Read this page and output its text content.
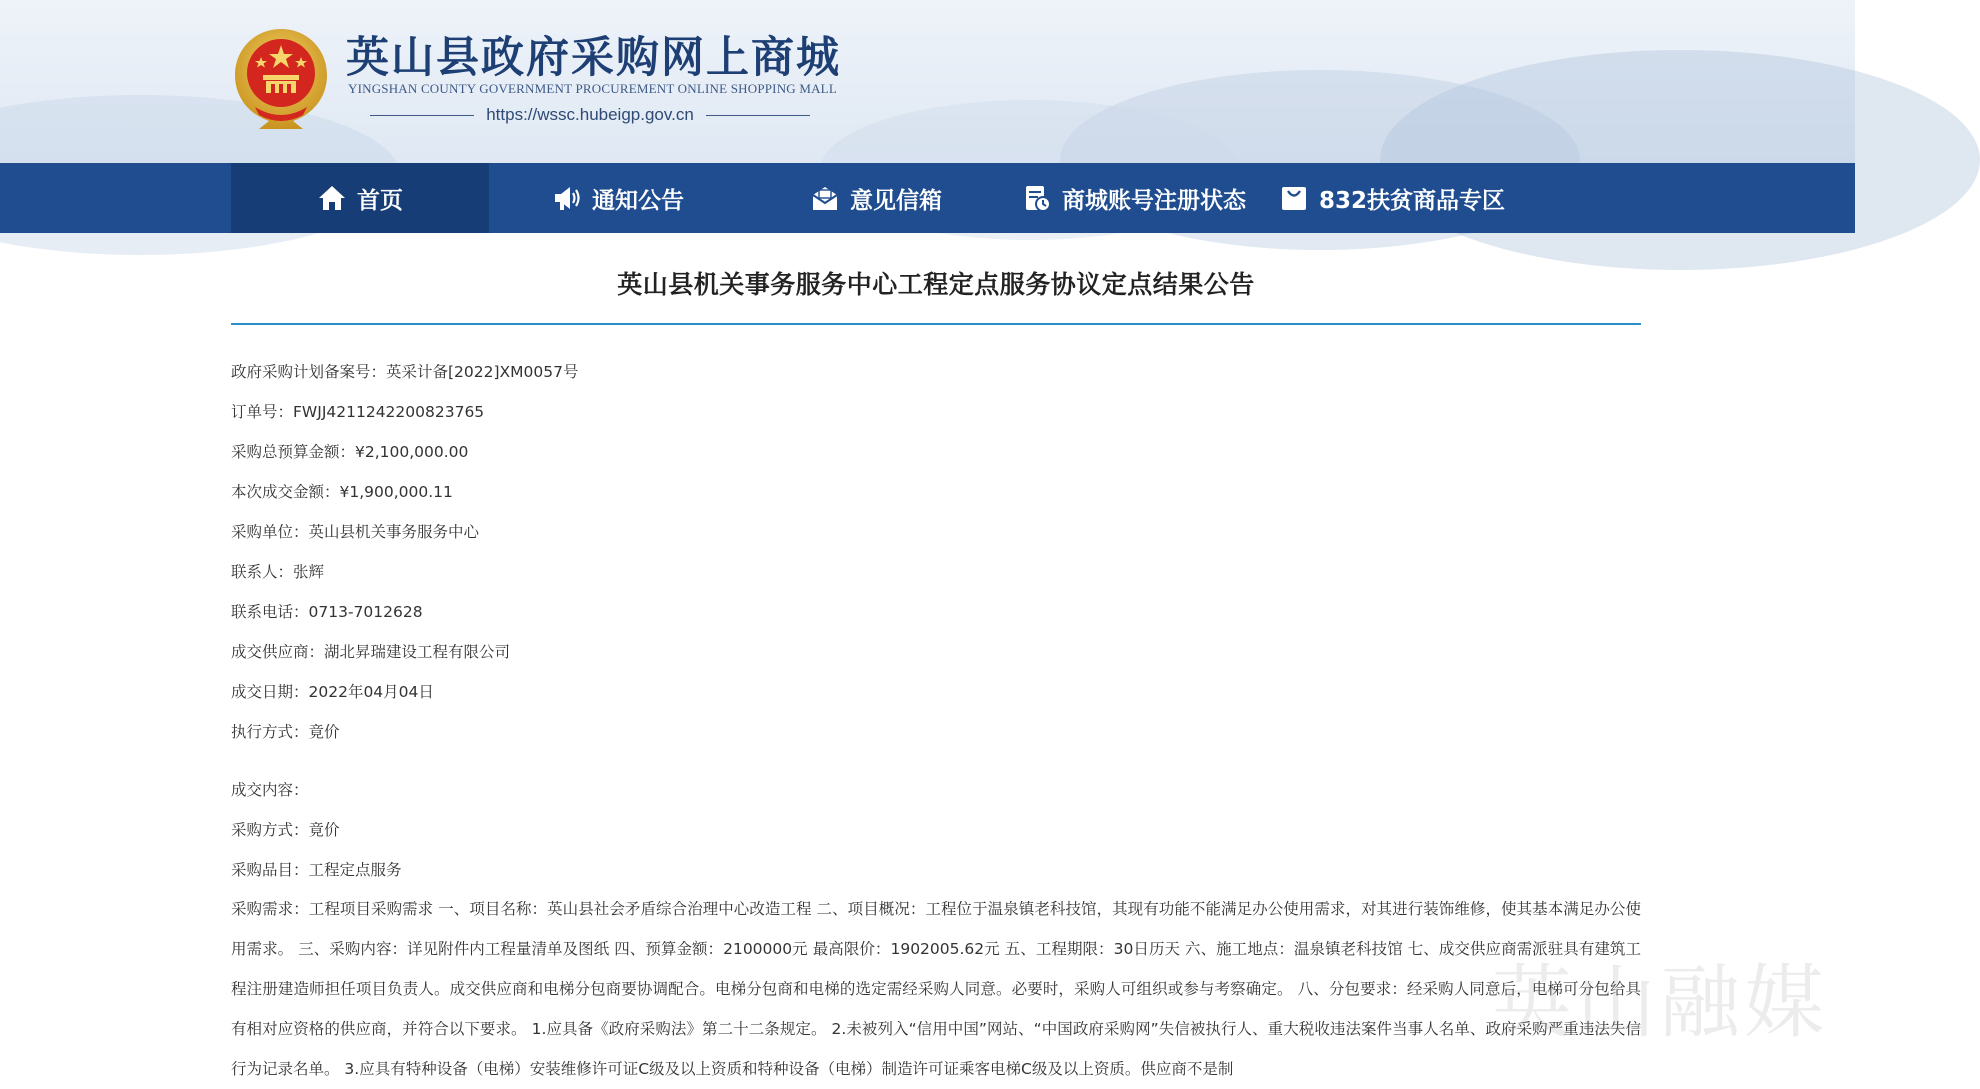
英山县政府采购网上商城
YINGSHAN COUNTY GOVERNMENT PROCUREMENT ONLINE SHOPPING MALL
https://wssc.hubeigp.gov.cn
首页	通知公告	意见信箱	商城账号注册状态	832扶贫商品专区
英山县机关事务服务中心工程定点服务协议定点结果公告
政府采购计划备案号：英采计备[2022]XM0057号
订单号：FWJJ4211242200823765
采购总预算金额：¥2,100,000.00
本次成交金额：¥1,900,000.11
采购单位：英山县机关事务服务中心
联系人：张辉
联系电话：0713-7012628
成交供应商：湖北昇瑞建设工程有限公司
成交日期：2022年04月04日
执行方式：竟价
成交内容：
采购方式：竟价
采购品目：工程定点服务
采购需求：工程项目采购需求 一、项目名称：英山县社会矛盾综合治理中心改造工程 二、项目概况：工程位于温泉镇老科技馆，其现有功能不能满足办公使用需求，对其进行装饰维修，使其基本满足办公使用需求。 三、采购内容：详见附件内工程量清单及图纸 四、预算金额：2100000元 最高限价：1902005.62元 五、工程期限：30日历天 六、施工地点：温泉镇老科技馆 七、成交供应商需派驻具有建筑工程注册建造师担任项目负责人。成交供应商和电梯分包商要协调配合。电梯分包商和电梯的选定需经采购人同意。必要时，采购人可组织或参与考察确定。 八、分包要求：经采购人同意后，电梯可分包给具有相对应资格的供应商，并符合以下要求。 1.应具备《政府采购法》第二十二条规定。 2.未被列入“信用中国”网站、“中国政府采购网”失信被执行人、重大税收违法案件当事人名单、政府采购严重违法失信行为记录名单。 3.应具有特种设备（电梯）安装维修许可证C级及以上资质和特种设备（电梯）制造许可证乘客电梯C级及以上资质。供应商不是制
英山融媒
